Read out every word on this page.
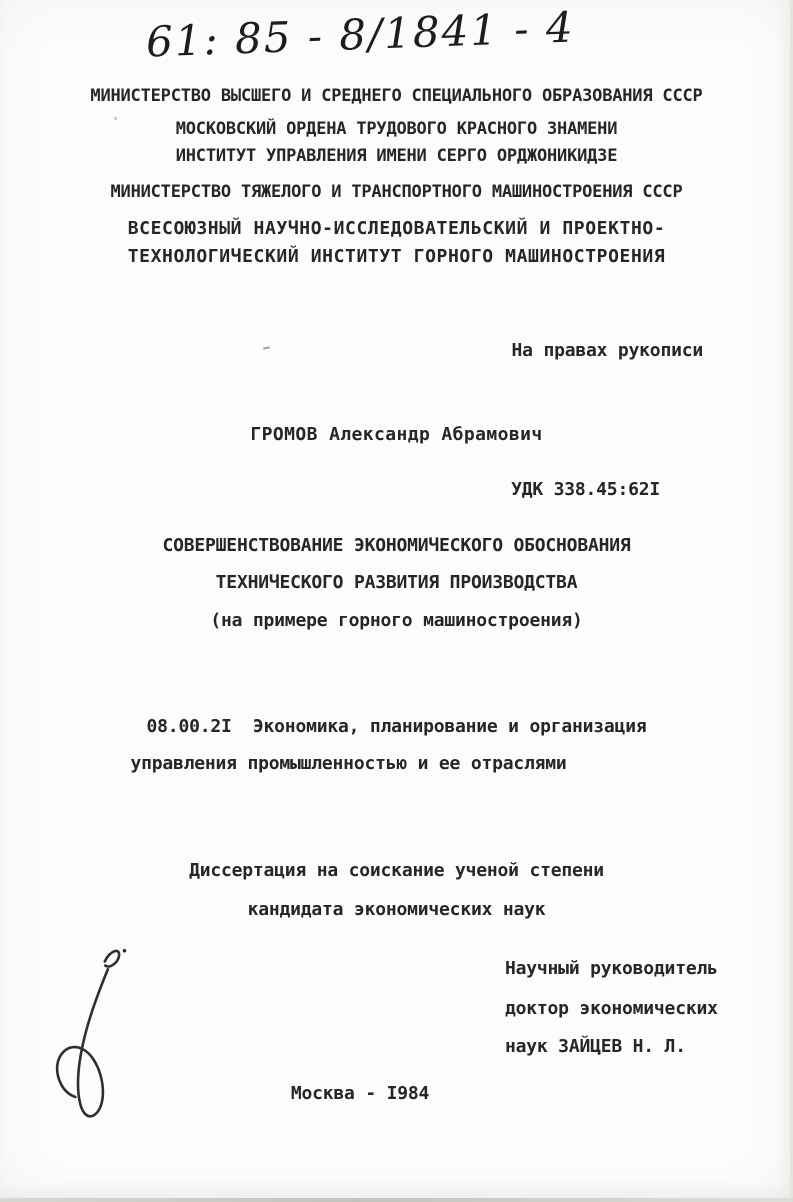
61: 85 - 8/1841 - 4
МИНИСТЕРСТВО ВЫСШЕГО И СРЕДНЕГО СПЕЦИАЛЬНОГО ОБРАЗОВАНИЯ СССР
МОСКОВСКИЙ ОРДЕНА ТРУДОВОГО КРАСНОГО ЗНАМЕНИ
ИНСТИТУТ УПРАВЛЕНИЯ ИМЕНИ СЕРГО ОРДЖОНИКИДЗЕ
МИНИСТЕРСТВО ТЯЖЕЛОГО И ТРАНСПОРТНОГО МАШИНОСТРОЕНИЯ СССР
ВСЕСОЮЗНЫЙ НАУЧНО-ИССЛЕДОВАТЕЛЬСКИЙ И ПРОЕКТНО-
ТЕХНОЛОГИЧЕСКИЙ ИНСТИТУТ ГОРНОГО МАШИНОСТРОЕНИЯ
На правах рукописи
ГРОМОВ Александр Абрамович
УДК 338.45:62I
СОВЕРШЕНСТВОВАНИЕ ЭКОНОМИЧЕСКОГО ОБОСНОВАНИЯ
ТЕХНИЧЕСКОГО РАЗВИТИЯ ПРОИЗВОДСТВА
(на примере горного машиностроения)
08.00.2I  Экономика, планирование и организация
управления промышленностью и ее отраслями
Диссертация на соискание ученой степени
кандидата экономических наук
Научный руководитель
доктор экономических
наук ЗАЙЦЕВ Н. Л.
Москва - I984
